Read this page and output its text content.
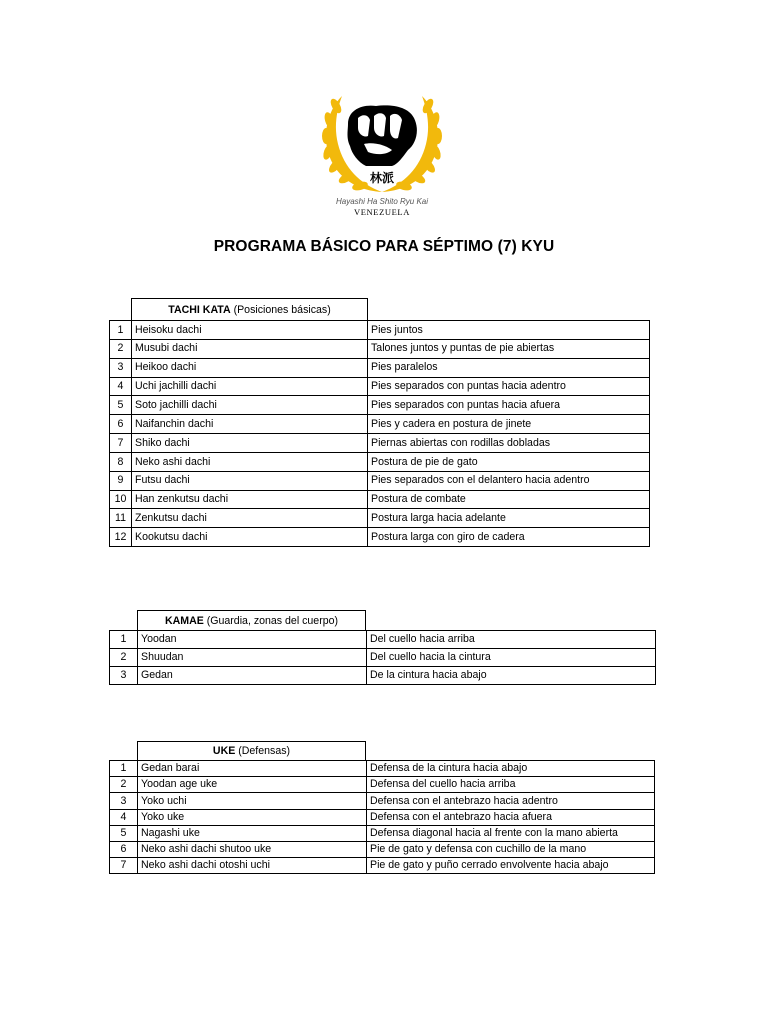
林派
Hayashi Ha Shito Ryu Kai
VENEZUELA
PROGRAMA BÁSICO PARA SÉPTIMO (7) KYU
TACHI KATA (Posiciones básicas)
1	Heisoku dachi	Pies juntos
2	Musubi dachi	Talones juntos y puntas de pie abiertas
3	Heikoo dachi	Pies paralelos
4	Uchi jachilli dachi	Pies separados con puntas hacia adentro
5	Soto jachilli dachi	Pies separados con puntas hacia afuera
6	Naifanchin dachi	Pies y cadera en postura de jinete
7	Shiko dachi	Piernas abiertas con rodillas dobladas
8	Neko ashi dachi	Postura de pie de gato
9	Futsu dachi	Pies separados con el delantero hacia adentro
10	Han zenkutsu dachi	Postura de combate
11	Zenkutsu dachi	Postura larga hacia adelante
12	Kookutsu dachi	Postura larga con giro de cadera
KAMAE (Guardia, zonas del cuerpo)
1	Yoodan	Del cuello hacia arriba
2	Shuudan	Del cuello hacia la cintura
3	Gedan	De la cintura hacia abajo
UKE (Defensas)
1	Gedan barai	Defensa de la cintura hacia abajo
2	Yoodan age uke	Defensa del cuello hacia arriba
3	Yoko uchi	Defensa con el antebrazo hacia adentro
4	Yoko uke	Defensa con el antebrazo hacia afuera
5	Nagashi uke	Defensa diagonal hacia al frente con la mano abierta
6	Neko ashi dachi shutoo uke	Pie de gato y defensa con cuchillo de la mano
7	Neko ashi dachi otoshi uchi	Pie de gato y puño cerrado envolvente hacia abajo
